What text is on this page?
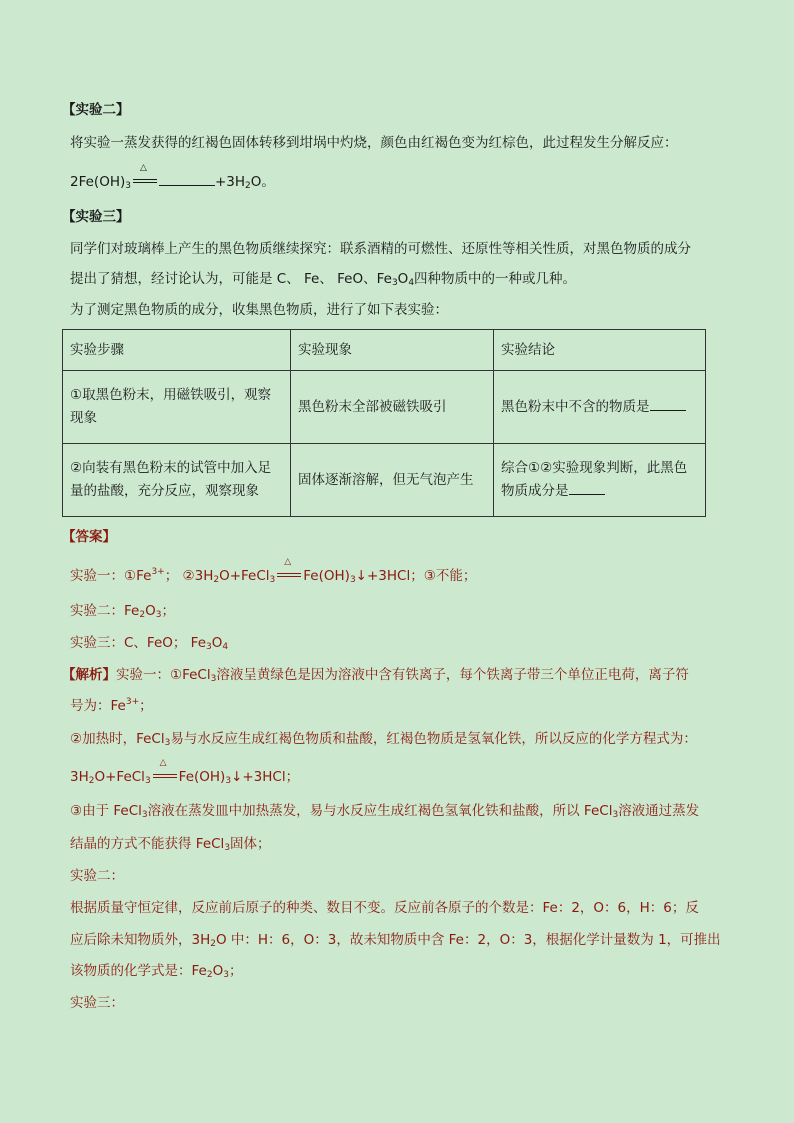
【实验二】
将实验一蒸发获得的红褐色固体转移到坩埚中灼烧，颜色由红褐色变为红棕色，此过程发生分解反应：
$2Fe(OH)_3$
△
$+3H_2O$。
【实验三】
同学们对玻璃棒上产生的黑色物质继续探究：联系酒精的可燃性、还原性等相关性质，对黑色物质的成分
提出了猜想，经讨论认为，可能是 C、 Fe、 FeO、$Fe_3O_4$四种物质中的一种或几种。
为了测定黑色物质的成分，收集黑色物质，进行了如下表实验：
实验步骤	实验现象	实验结论
①取黑色粉末，用磁铁吸引，观察
现象	黑色粉末全部被磁铁吸引	黑色粉末中不含的物质是
②向装有黑色粉末的试管中加入足
量的盐酸，充分反应，观察现象	固体逐渐溶解，但无气泡产生	综合①②实验现象判断，此黑色
物质成分是
【答案】
实验一：$①Fe^{3+}$； $②3H_2O+FeCl_3$
△
$Fe(OH)_3↓+3HCl$；③不能；
实验二：$Fe_2O_3$；
实验三：C、FeO； $Fe_3O_4$
【解析】实验一：①FeCl$_3$溶液呈黄绿色是因为溶液中含有铁离子，每个铁离子带三个单位正电荷，离子符
号为：$Fe^{3+}$；
②加热时，FeCl$_3$易与水反应生成红褐色物质和盐酸，红褐色物质是氢氧化铁，所以反应的化学方程式为：
$3H_2O+FeCl_3$
△
$Fe(OH)_3↓+3HCl$；
③由于 FeCl$_3$溶液在蒸发皿中加热蒸发，易与水反应生成红褐色氢氧化铁和盐酸，所以 FeCl$_3$溶液通过蒸发
结晶的方式不能获得 FeCl$_3$固体；
实验二：
根据质量守恒定律，反应前后原子的种类、数目不变。反应前各原子的个数是：Fe：2，O：6，H：6；反
应后除未知物质外，$3H_2O$ 中：H：6，O：3，故未知物质中含 Fe：2，O：3，根据化学计量数为 1，可推出
该物质的化学式是：$Fe_2O_3$；
实验三：
